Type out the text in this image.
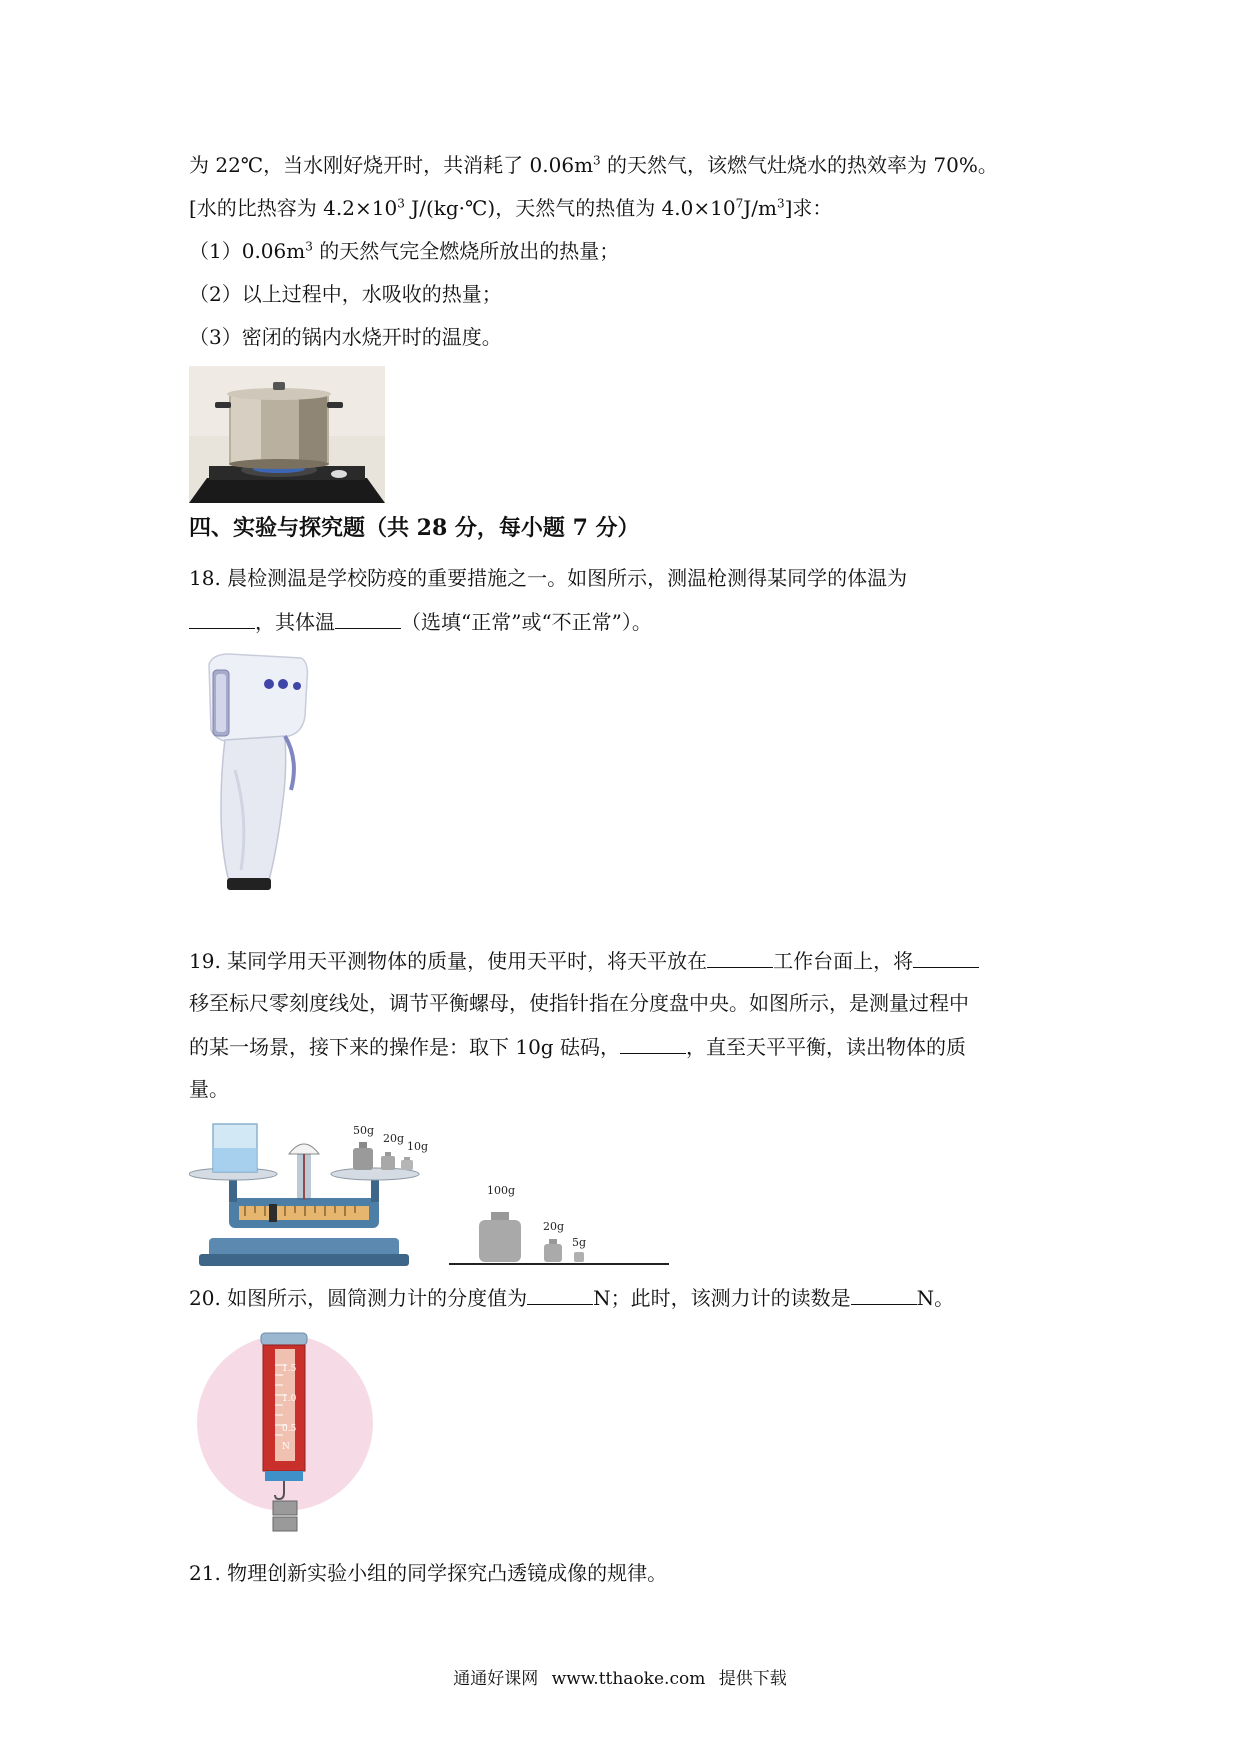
为 22℃，当水刚好烧开时，共消耗了 $0.06m^3$ 的天然气，该燃气灶烧水的热效率为 70%。
[水的比热容为 $4.2\times 10^3$ J/(kg·℃)，天然气的热值为 $4.0\times 10^7J/m^3$]求：
$(1)0.06m^3$ 的天然气完全燃烧所放出的热量；
（2）以上过程中，水吸收的热量；
（3）密闭的锅内水烧开时的温度。
四、实验与探究题（共 28 分，每小题 7 分）
18. 晨检测温是学校防疫的重要措施之一。如图所示，测温枪测得某同学的体温为
，其体温	（选填“正常”或“不正常”）。
19. 某同学用天平测物体的质量，使用天平时，将天平放在	工作台面上，将
移至标尺零刻度线处，调节平衡螺母，使指针指在分度盘中央。如图所示，是测量过程中
的某一场景，接下来的操作是：取下 10g 砝码，	，直至天平平衡，读出物体的质
量。
50g
20g
10g
100g
20g
5g
20. 如图所示，圆筒测力计的分度值为	N；此时，该测力计的读数是	N。
1.5
1.0
0.5
N
21. 物理创新实验小组的同学探究凸透镜成像的规律。
通通好课网 www.tthaoke.com 提供下载
